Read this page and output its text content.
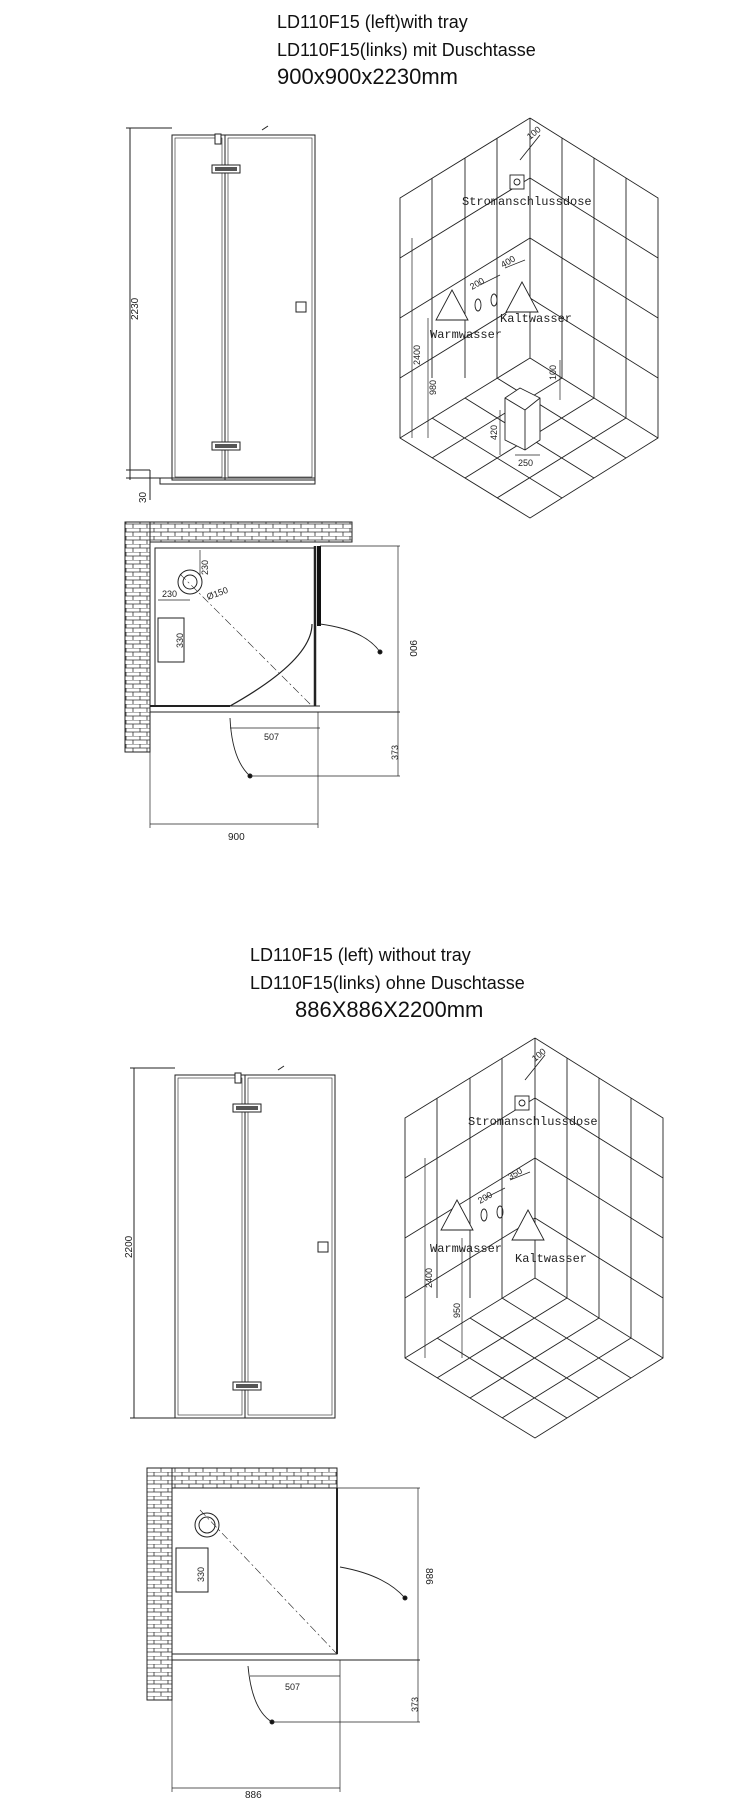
LD110F15 (left)with tray
LD110F15(links) mit Duschtasse
900x900x2230mm
LD110F15 (left) without tray
LD110F15(links) ohne Duschtasse
886X886X2200mm
2230
30
Stromanschlussdose
Warmwasser
Kaltwasser
100
400
200
2400
980
100
420
250
230
230	Ø150
330	900
507
373
900
2200
Stromanschlussdose
Warmwasser
Kaltwasser
100
350
200
2400
950
330	886
507
373
886
